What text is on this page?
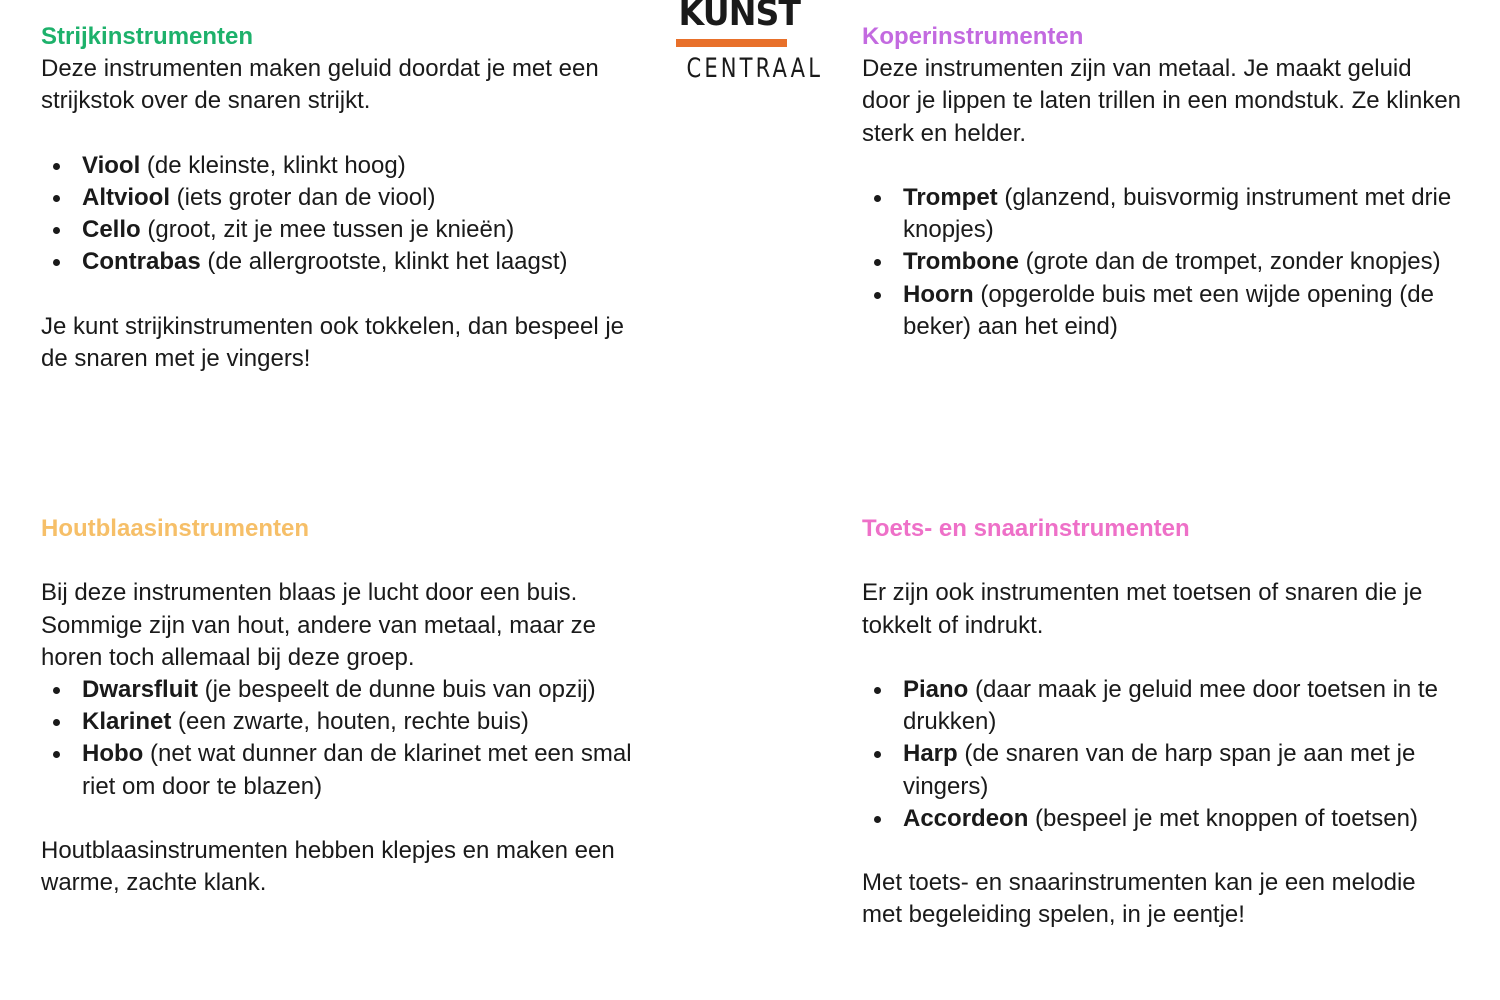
KUNST
CENTRAAL
Strijkinstrumenten

Deze instrumenten maken geluid doordat je met een strijkstok over de snaren strijkt.

Viool (de kleinste, klinkt hoog)
Altviool (iets groter dan de viool)
Cello (groot, zit je mee tussen je knieën)
Contrabas (de allergrootste, klinkt het laagst)

Je kunt strijkinstrumenten ook tokkelen, dan bespeel je de snaren met je vingers!

Koperinstrumenten

Deze instrumenten zijn van metaal. Je maakt geluid door je lippen te laten trillen in een mondstuk. Ze klinken sterk en helder.

Trompet (glanzend, buisvormig instrument met drie knopjes)
Trombone (grote dan de trompet, zonder knopjes)
Hoorn (opgerolde buis met een wijde opening (de beker) aan het eind)
Houtblaasinstrumenten

Bij deze instrumenten blaas je lucht door een buis. Sommige zijn van hout, andere van metaal, maar ze horen toch allemaal bij deze groep.

Dwarsfluit (je bespeelt de dunne buis van opzij)
Klarinet (een zwarte, houten, rechte buis)
Hobo (net wat dunner dan de klarinet met een smal riet om door te blazen)

Houtblaasinstrumenten hebben klepjes en maken een warme, zachte klank.

Toets- en snaarinstrumenten

Er zijn ook instrumenten met toetsen of snaren die je tokkelt of indrukt.

Piano (daar maak je geluid mee door toetsen in te drukken)
Harp (de snaren van de harp span je aan met je vingers)
Accordeon (bespeel je met knoppen of toetsen)

Met toets- en snaarinstrumenten kan je een melodie met begeleiding spelen, in je eentje!
